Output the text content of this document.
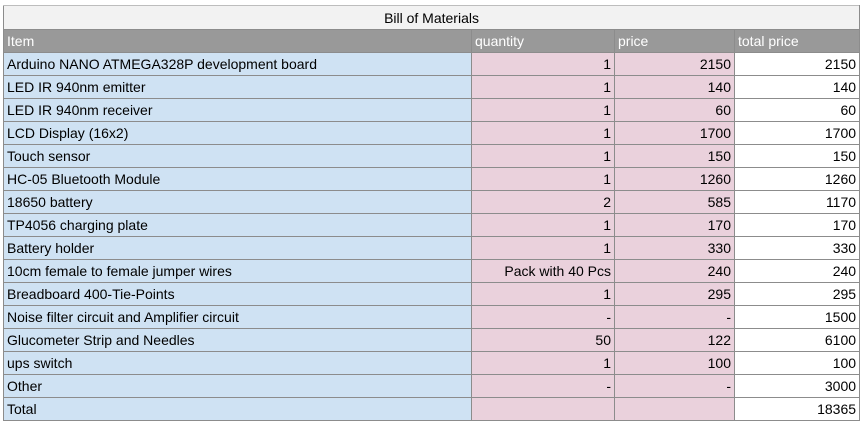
Bill of Materials			
Item	quantity	price	total price
Arduino NANO ATMEGA328P development board	1	2150	2150
LED IR 940nm emitter	1	140	140
LED IR 940nm receiver	1	60	60
LCD Display (16x2)	1	1700	1700
Touch sensor	1	150	150
HC-05 Bluetooth Module	1	1260	1260
18650 battery	2	585	1170
TP4056 charging plate	1	170	170
Battery holder	1	330	330
10cm female to female jumper wires	Pack with 40 Pcs	240	240
Breadboard 400-Tie-Points	1	295	295
Noise filter circuit and Amplifier circuit	-	-	1500
Glucometer Strip and Needles	50	122	6100
ups switch	1	100	100
Other	-	-	3000
Total			18365
